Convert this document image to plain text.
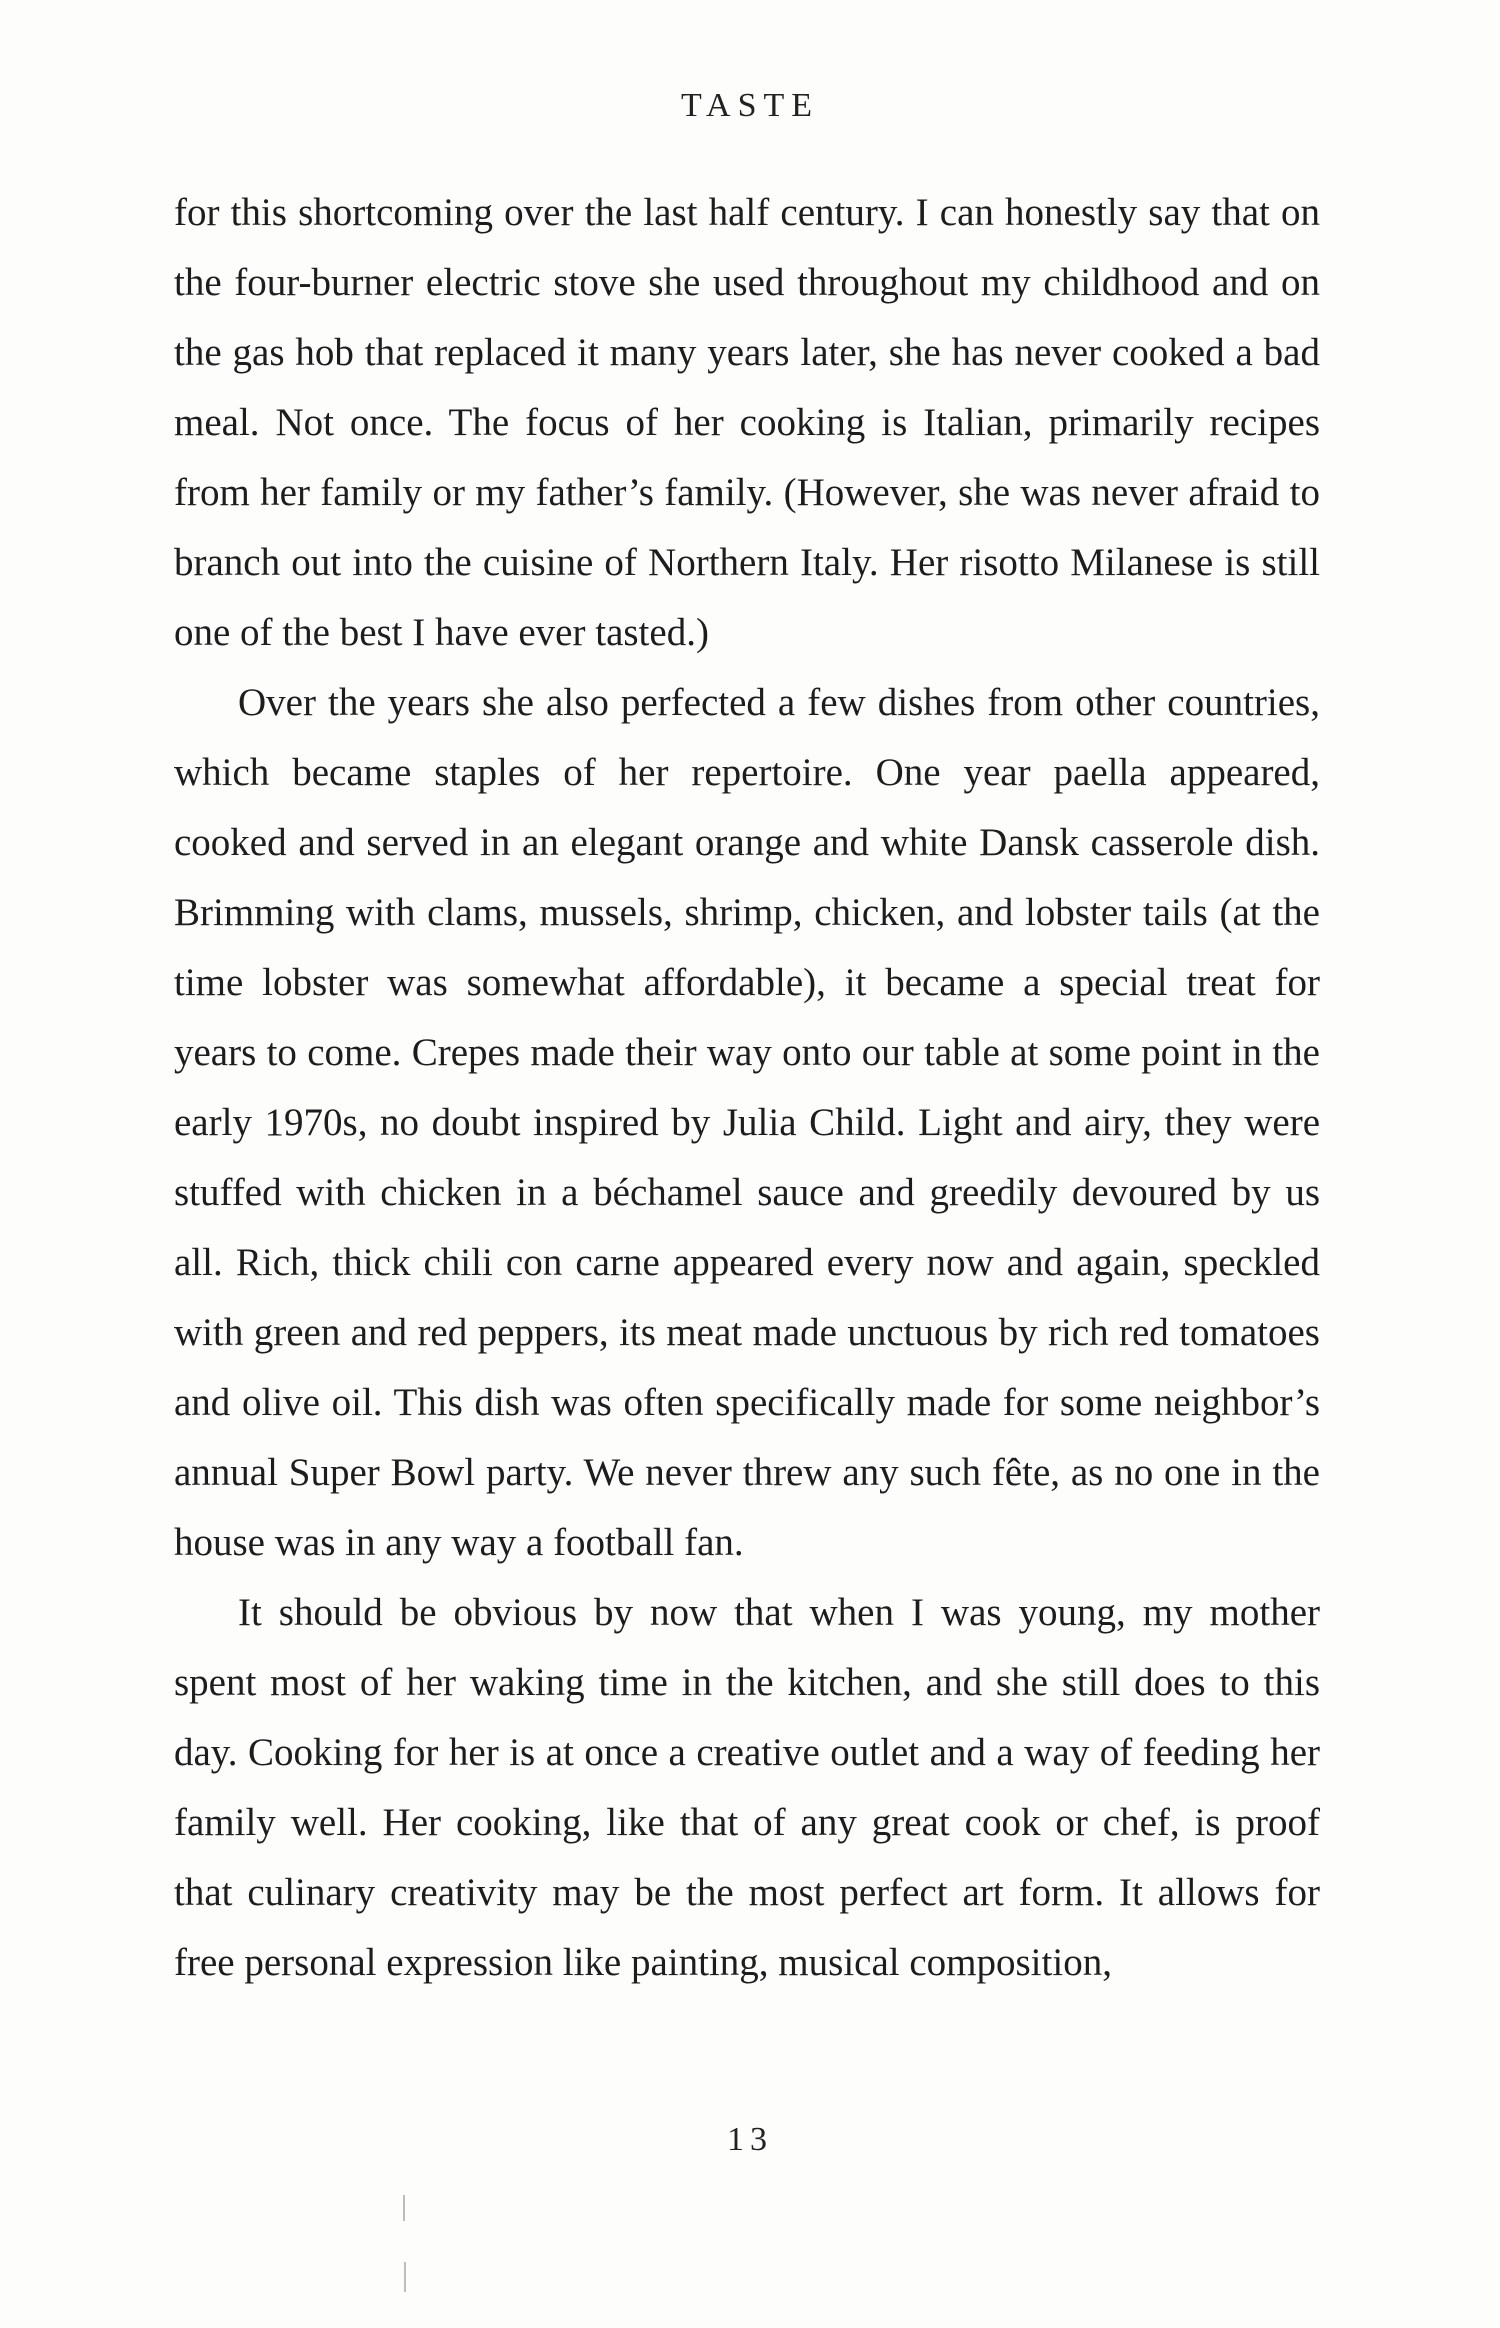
TASTE

for this shortcoming over the last half century. I can honestly say that on the four-burner electric stove she used throughout my childhood and on the gas hob that replaced it many years later, she has never cooked a bad meal. Not once. The focus of her cooking is Italian, primarily recipes from her family or my father’s family. (However, she was never afraid to branch out into the cuisine of Northern Italy. Her risotto Milanese is still one of the best I have ever tasted.)

Over the years she also perfected a few dishes from other countries, which became staples of her repertoire. One year paella appeared, cooked and served in an elegant orange and white Dansk casserole dish. Brimming with clams, mussels, shrimp, chicken, and lobster tails (at the time lobster was somewhat affordable), it became a special treat for years to come. Crepes made their way onto our table at some point in the early 1970s, no doubt inspired by Julia Child. Light and airy, they were stuffed with chicken in a béchamel sauce and greedily devoured by us all. Rich, thick chili con carne appeared every now and again, speckled with green and red peppers, its meat made unctuous by rich red tomatoes and olive oil. This dish was often specifically made for some neighbor’s annual Super Bowl party. We never threw any such fête, as no one in the house was in any way a football fan.

It should be obvious by now that when I was young, my mother spent most of her waking time in the kitchen, and she still does to this day. Cooking for her is at once a creative outlet and a way of feeding her family well. Her cooking, like that of any great cook or chef, is proof that culinary creativity may be the most perfect art form. It allows for free personal expression like painting, musical composition,

13
